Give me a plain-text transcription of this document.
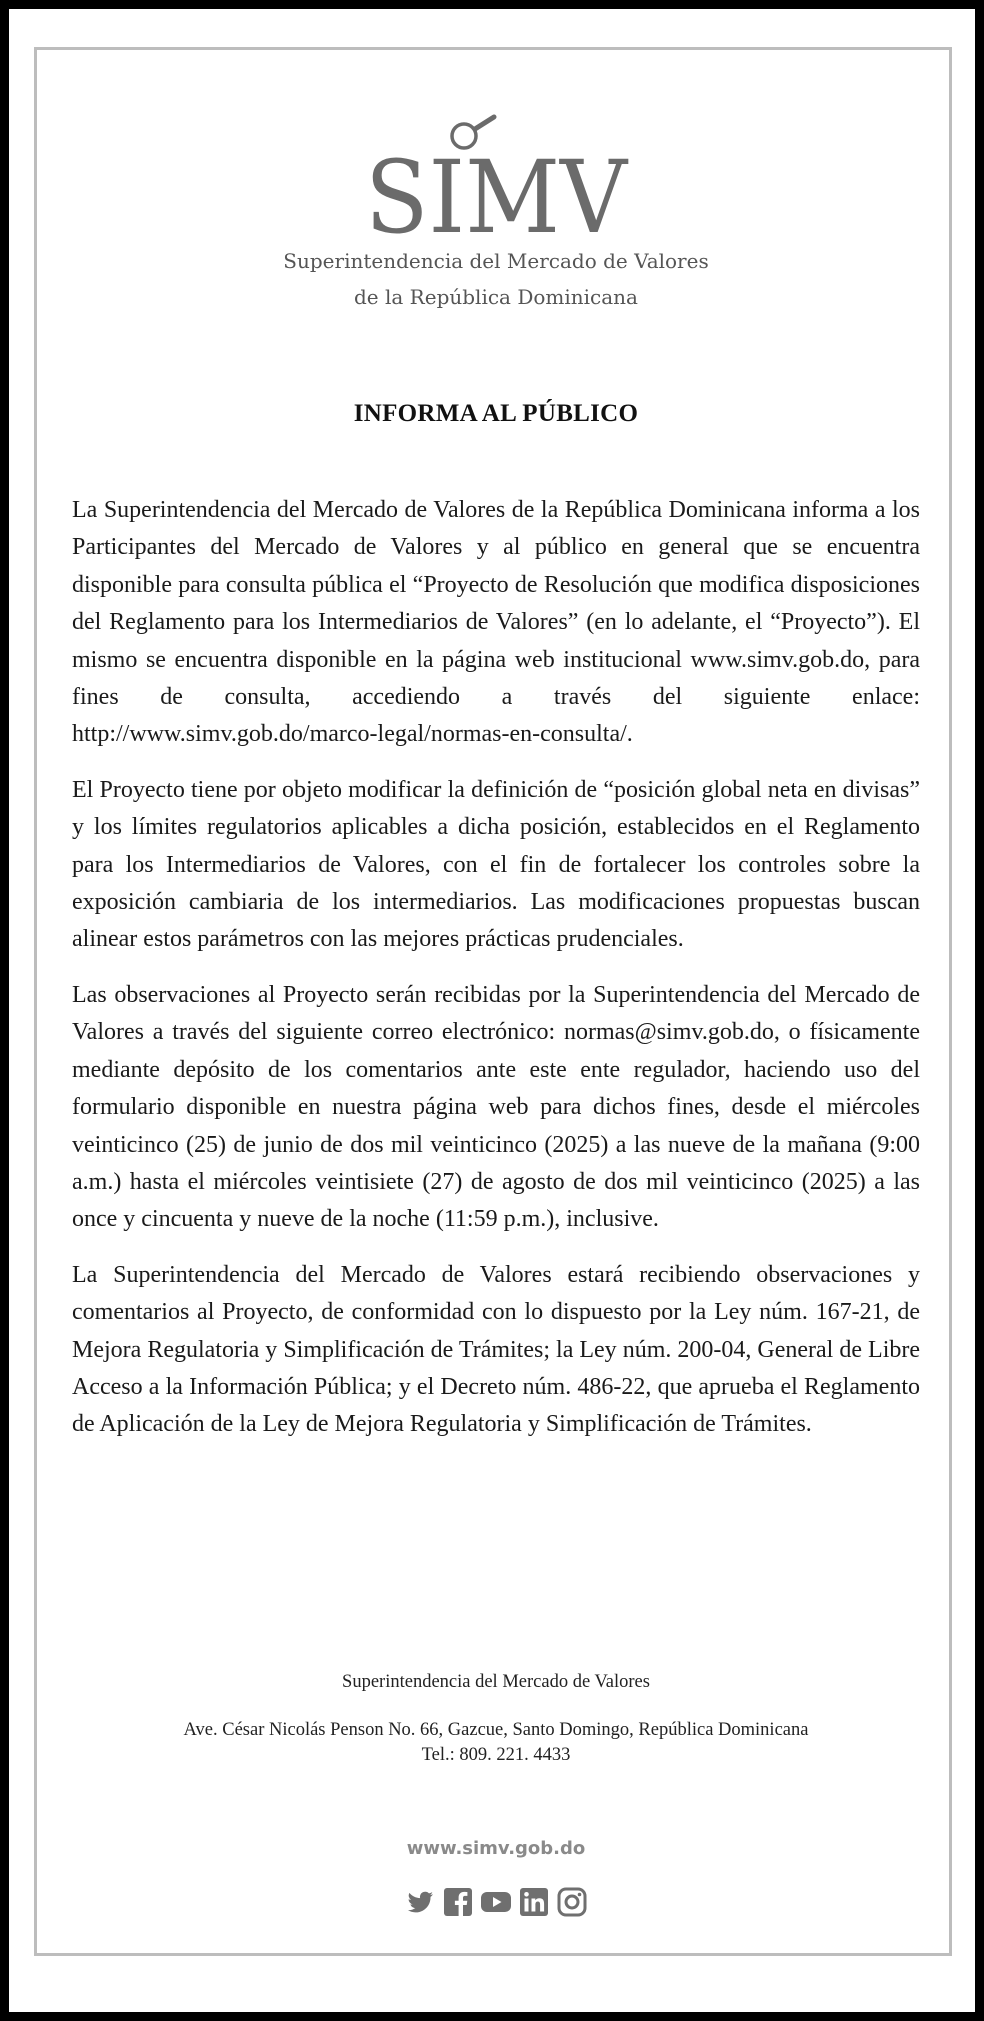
SIMV
Superintendencia del Mercado de Valores
de la República Dominicana
INFORMA AL PÚBLICO

La Superintendencia del Mercado de Valores de la República Dominicana informa a los Participantes del Mercado de Valores y al público en general que se encuentra disponible para consulta pública el “Proyecto de Resolución que modifica disposiciones del Reglamento para los Intermediarios de Valores” (en lo adelante, el “Proyecto”). El mismo se encuentra disponible en la página web institucional www.simv.gob.do, para fines de consulta, accediendo a través del siguiente enlace: http://www.simv.gob.do/marco-legal/normas-en-consulta/.

El Proyecto tiene por objeto modificar la definición de “posición global neta en divisas” y los límites regulatorios aplicables a dicha posición, establecidos en el Reglamento para los Intermediarios de Valores, con el fin de fortalecer los controles sobre la exposición cambiaria de los intermediarios. Las modificaciones propuestas buscan alinear estos parámetros con las mejores prácticas prudenciales.

Las observaciones al Proyecto serán recibidas por la Superintendencia del Mercado de Valores a través del siguiente correo electrónico: normas@simv.gob.do, o físicamente mediante depósito de los comentarios ante este ente regulador, haciendo uso del formulario disponible en nuestra página web para dichos fines, desde el miércoles veinticinco (25) de junio de dos mil veinticinco (2025) a las nueve de la mañana (9:00 a.m.) hasta el miércoles veintisiete (27) de agosto de dos mil veinticinco (2025) a las once y cincuenta y nueve de la noche (11:59 p.m.), inclusive.

La Superintendencia del Mercado de Valores estará recibiendo observaciones y comentarios al Proyecto, de conformidad con lo dispuesto por la Ley núm. 167-21, de Mejora Regulatoria y Simplificación de Trámites; la Ley núm. 200-04, General de Libre Acceso a la Información Pública; y el Decreto núm. 486-22, que aprueba el Reglamento de Aplicación de la Ley de Mejora Regulatoria y Simplificación de Trámites.

Superintendencia del Mercado de Valores
Ave. César Nicolás Penson No. 66, Gazcue, Santo Domingo, República Dominicana
Tel.: 809. 221. 4433
www.simv.gob.do
